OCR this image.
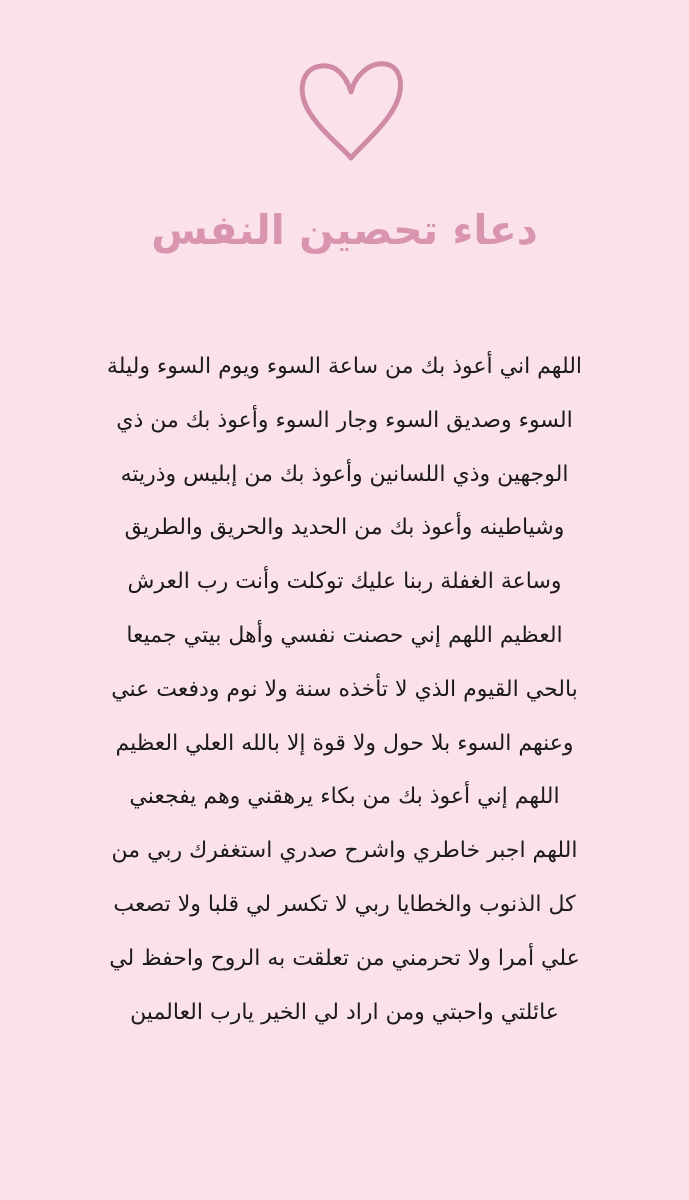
دعاء تحصين النفس
اللهم اني أعوذ بك من ساعة السوء ويوم السوء وليلة
السوء وصديق السوء وجار السوء وأعوذ بك من ذي
الوجهين وذي اللسانين وأعوذ بك من إبليس وذريته
وشياطينه وأعوذ بك من الحديد والحريق والطريق
وساعة الغفلة ربنا عليك توكلت وأنت رب العرش
العظيم اللهم إني حصنت نفسي وأهل بيتي جميعا
بالحي القيوم الذي لا تأخذه سنة ولا نوم ودفعت عني
وعنهم السوء بلا حول ولا قوة إلا بالله العلي العظيم
اللهم إني أعوذ بك من بكاء يرهقني وهم يفجعني
اللهم اجبر خاطري واشرح صدري استغفرك ربي من
كل الذنوب والخطايا ربي لا تكسر لي قلبا ولا تصعب
علي أمرا ولا تحرمني من تعلقت به الروح واحفظ لي
عائلتي واحبتي ومن اراد لي الخير يارب العالمين
